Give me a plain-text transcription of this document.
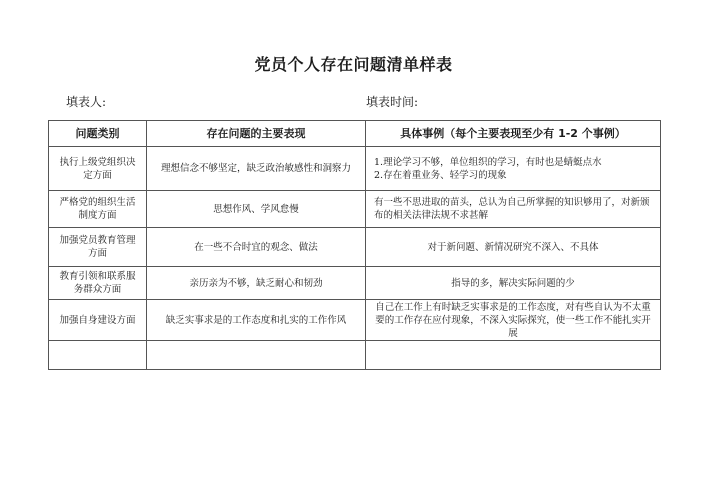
党员个人存在问题清单样表
填表人:	填表时间:
问题类别	存在问题的主要表现	具体事例（每个主要表现至少有 1-2 个事例）
执行上级党组织决定方面	理想信念不够坚定，缺乏政治敏感性和洞察力	1.理论学习不够，单位组织的学习，有时也是蜻蜓点水
2.存在着重业务、轻学习的现象

严格党的组织生活制度方面	思想作风、学风怠慢	有一些不思进取的苗头，总认为自己所掌握的知识够用了，对新颁布的相关法律法规不求甚解
加强党员教育管理方面	在一些不合时宜的观念、做法	对于新问题、新情况研究不深入、不具体
教育引领和联系服务群众方面	亲历亲为不够，缺乏耐心和韧劲	指导的多，解决实际问题的少
加强自身建设方面	缺乏实事求是的工作态度和扎实的工作作风	自己在工作上有时缺乏实事求是的工作态度，对有些自认为不太重要的工作存在应付现象，不深入实际探究，使一些工作不能扎实开展
